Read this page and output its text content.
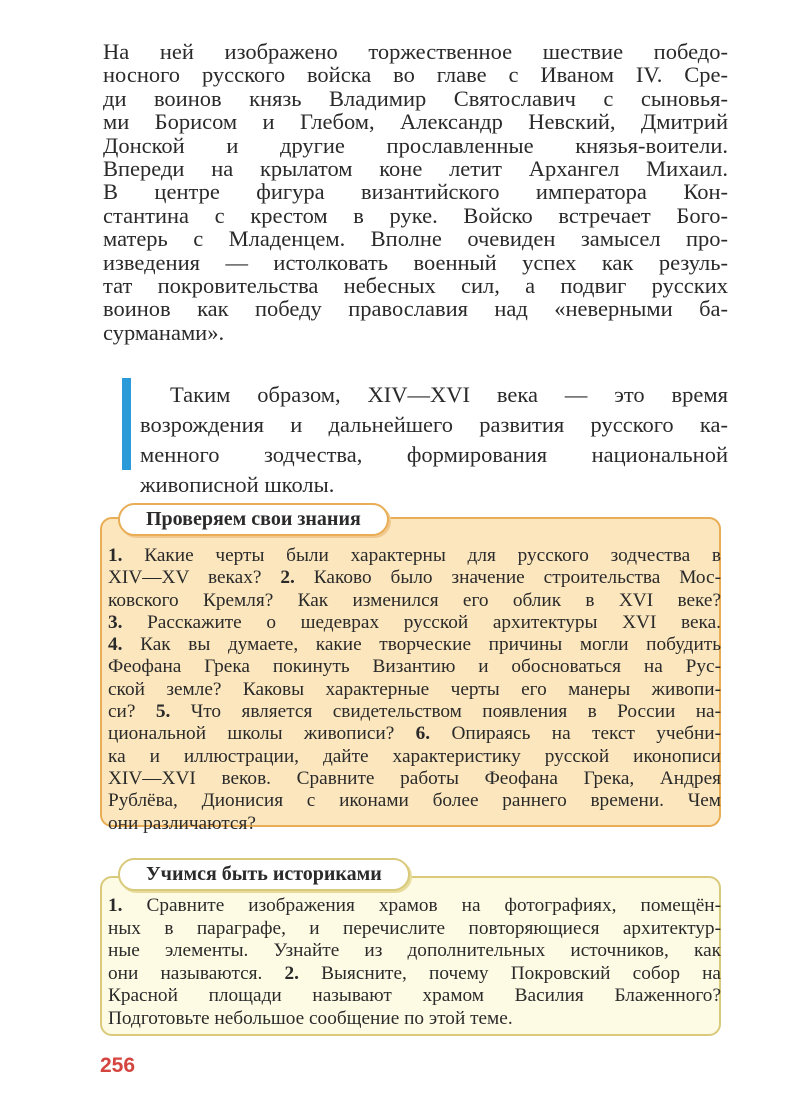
На ней изображено торжественное шествие победо-
носного русского войска во главе с Иваном IV. Сре-
ди воинов князь Владимир Святославич с сыновья-
ми Борисом и Глебом, Александр Невский, Дмитрий
Донской и другие прославленные князья-воители.
Впереди на крылатом коне летит Архангел Михаил.
В центре фигура византийского императора Кон-
стантина с крестом в руке. Войско встречает Бого-
матерь с Младенцем. Вполне очевиден замысел про-
изведения — истолковать военный успех как резуль-
тат покровительства небесных сил, а подвиг русских
воинов как победу православия над «неверными ба-
сурманами».
Таким образом, XIV—XVI века — это время
возрождения и дальнейшего развития русского ка-
менного зодчества, формирования национальной
живописной школы.
Проверяем свои знания
1. Какие черты были характерны для русского зодчества в
XIV—XV веках? 2. Каково было значение строительства Мос-
ковского Кремля? Как изменился его облик в XVI веке?
3. Расскажите о шедеврах русской архитектуры XVI века.
4. Как вы думаете, какие творческие причины могли побудить
Феофана Грека покинуть Византию и обосноваться на Рус-
ской земле? Каковы характерные черты его манеры живопи-
си? 5. Что является свидетельством появления в России на-
циональной школы живописи? 6. Опираясь на текст учебни-
ка и иллюстрации, дайте характеристику русской иконописи
XIV—XVI веков. Сравните работы Феофана Грека, Андрея
Рублёва, Дионисия с иконами более раннего времени. Чем
они различаются?
Учимся быть историками
1. Сравните изображения храмов на фотографиях, помещён-
ных в параграфе, и перечислите повторяющиеся архитектур-
ные элементы. Узнайте из дополнительных источников, как
они называются. 2. Выясните, почему Покровский собор на
Красной площади называют храмом Василия Блаженного?
Подготовьте небольшое сообщение по этой теме.
256
